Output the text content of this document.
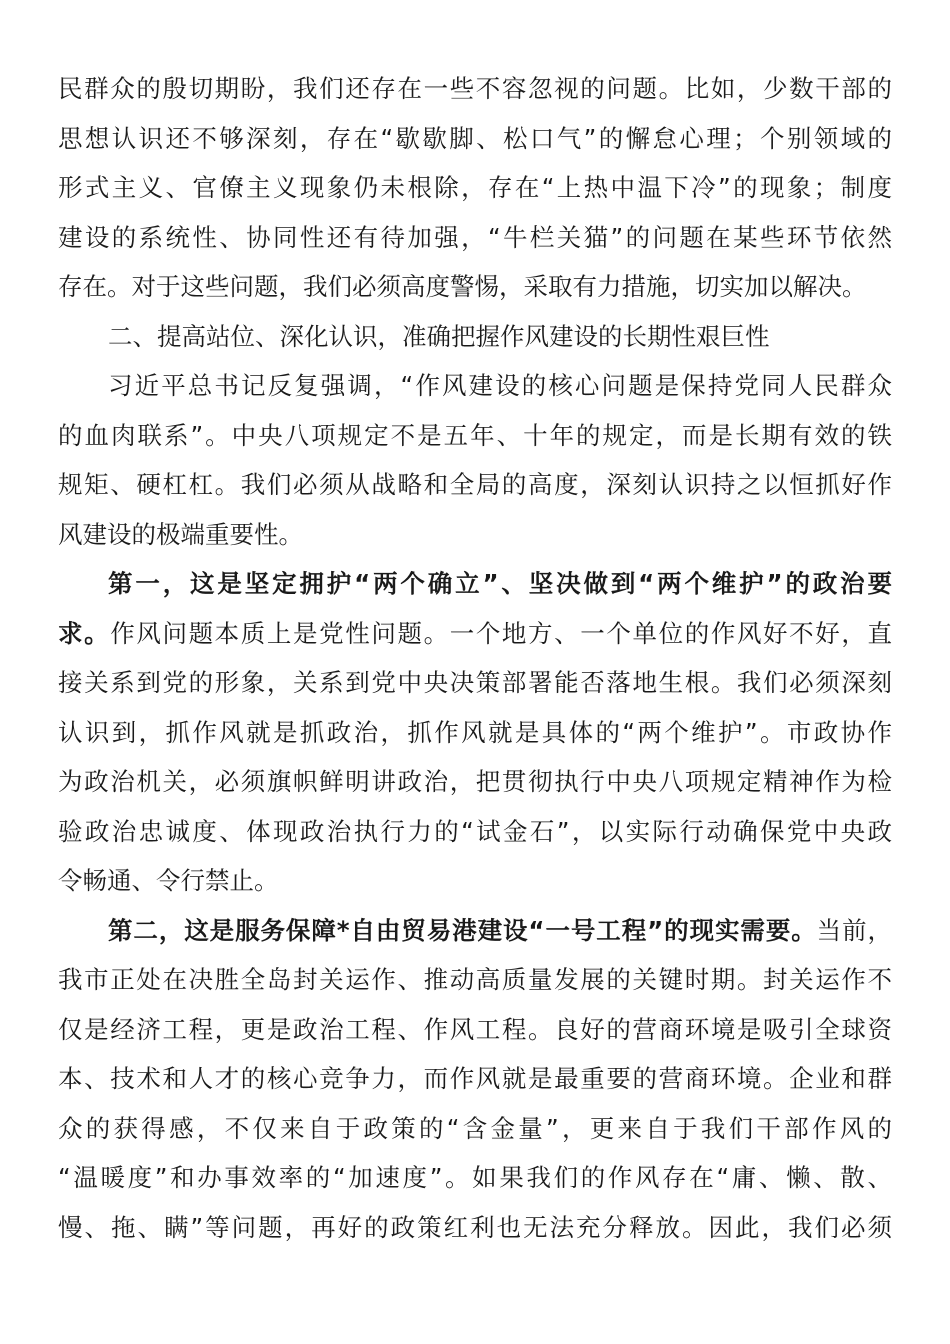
民群众的殷切期盼，我们还存在一些不容忽视的问题。比如，少数干部的
思想认识还不够深刻，存在“歇歇脚、松口气”的懈怠心理；个别领域的
形式主义、官僚主义现象仍未根除，存在“上热中温下冷”的现象；制度
建设的系统性、协同性还有待加强，“牛栏关猫”的问题在某些环节依然
存在。对于这些问题，我们必须高度警惕，采取有力措施，切实加以解决。
二、提高站位、深化认识，准确把握作风建设的长期性艰巨性
习近平总书记反复强调，“作风建设的核心问题是保持党同人民群众
的血肉联系”。中央八项规定不是五年、十年的规定，而是长期有效的铁
规矩、硬杠杠。我们必须从战略和全局的高度，深刻认识持之以恒抓好作
风建设的极端重要性。
第一，这是坚定拥护“两个确立”、坚决做到“两个维护”的政治要
求。作风问题本质上是党性问题。一个地方、一个单位的作风好不好，直
接关系到党的形象，关系到党中央决策部署能否落地生根。我们必须深刻
认识到，抓作风就是抓政治，抓作风就是具体的“两个维护”。市政协作
为政治机关，必须旗帜鲜明讲政治，把贯彻执行中央八项规定精神作为检
验政治忠诚度、体现政治执行力的“试金石”，以实际行动确保党中央政
令畅通、令行禁止。
第二，这是服务保障*自由贸易港建设“一号工程”的现实需要。当前，
我市正处在决胜全岛封关运作、推动高质量发展的关键时期。封关运作不
仅是经济工程，更是政治工程、作风工程。良好的营商环境是吸引全球资
本、技术和人才的核心竞争力，而作风就是最重要的营商环境。企业和群
众的获得感，不仅来自于政策的“含金量”，更来自于我们干部作风的
“温暖度”和办事效率的“加速度”。如果我们的作风存在“庸、懒、散、
慢、拖、瞒”等问题，再好的政策红利也无法充分释放。因此，我们必须
